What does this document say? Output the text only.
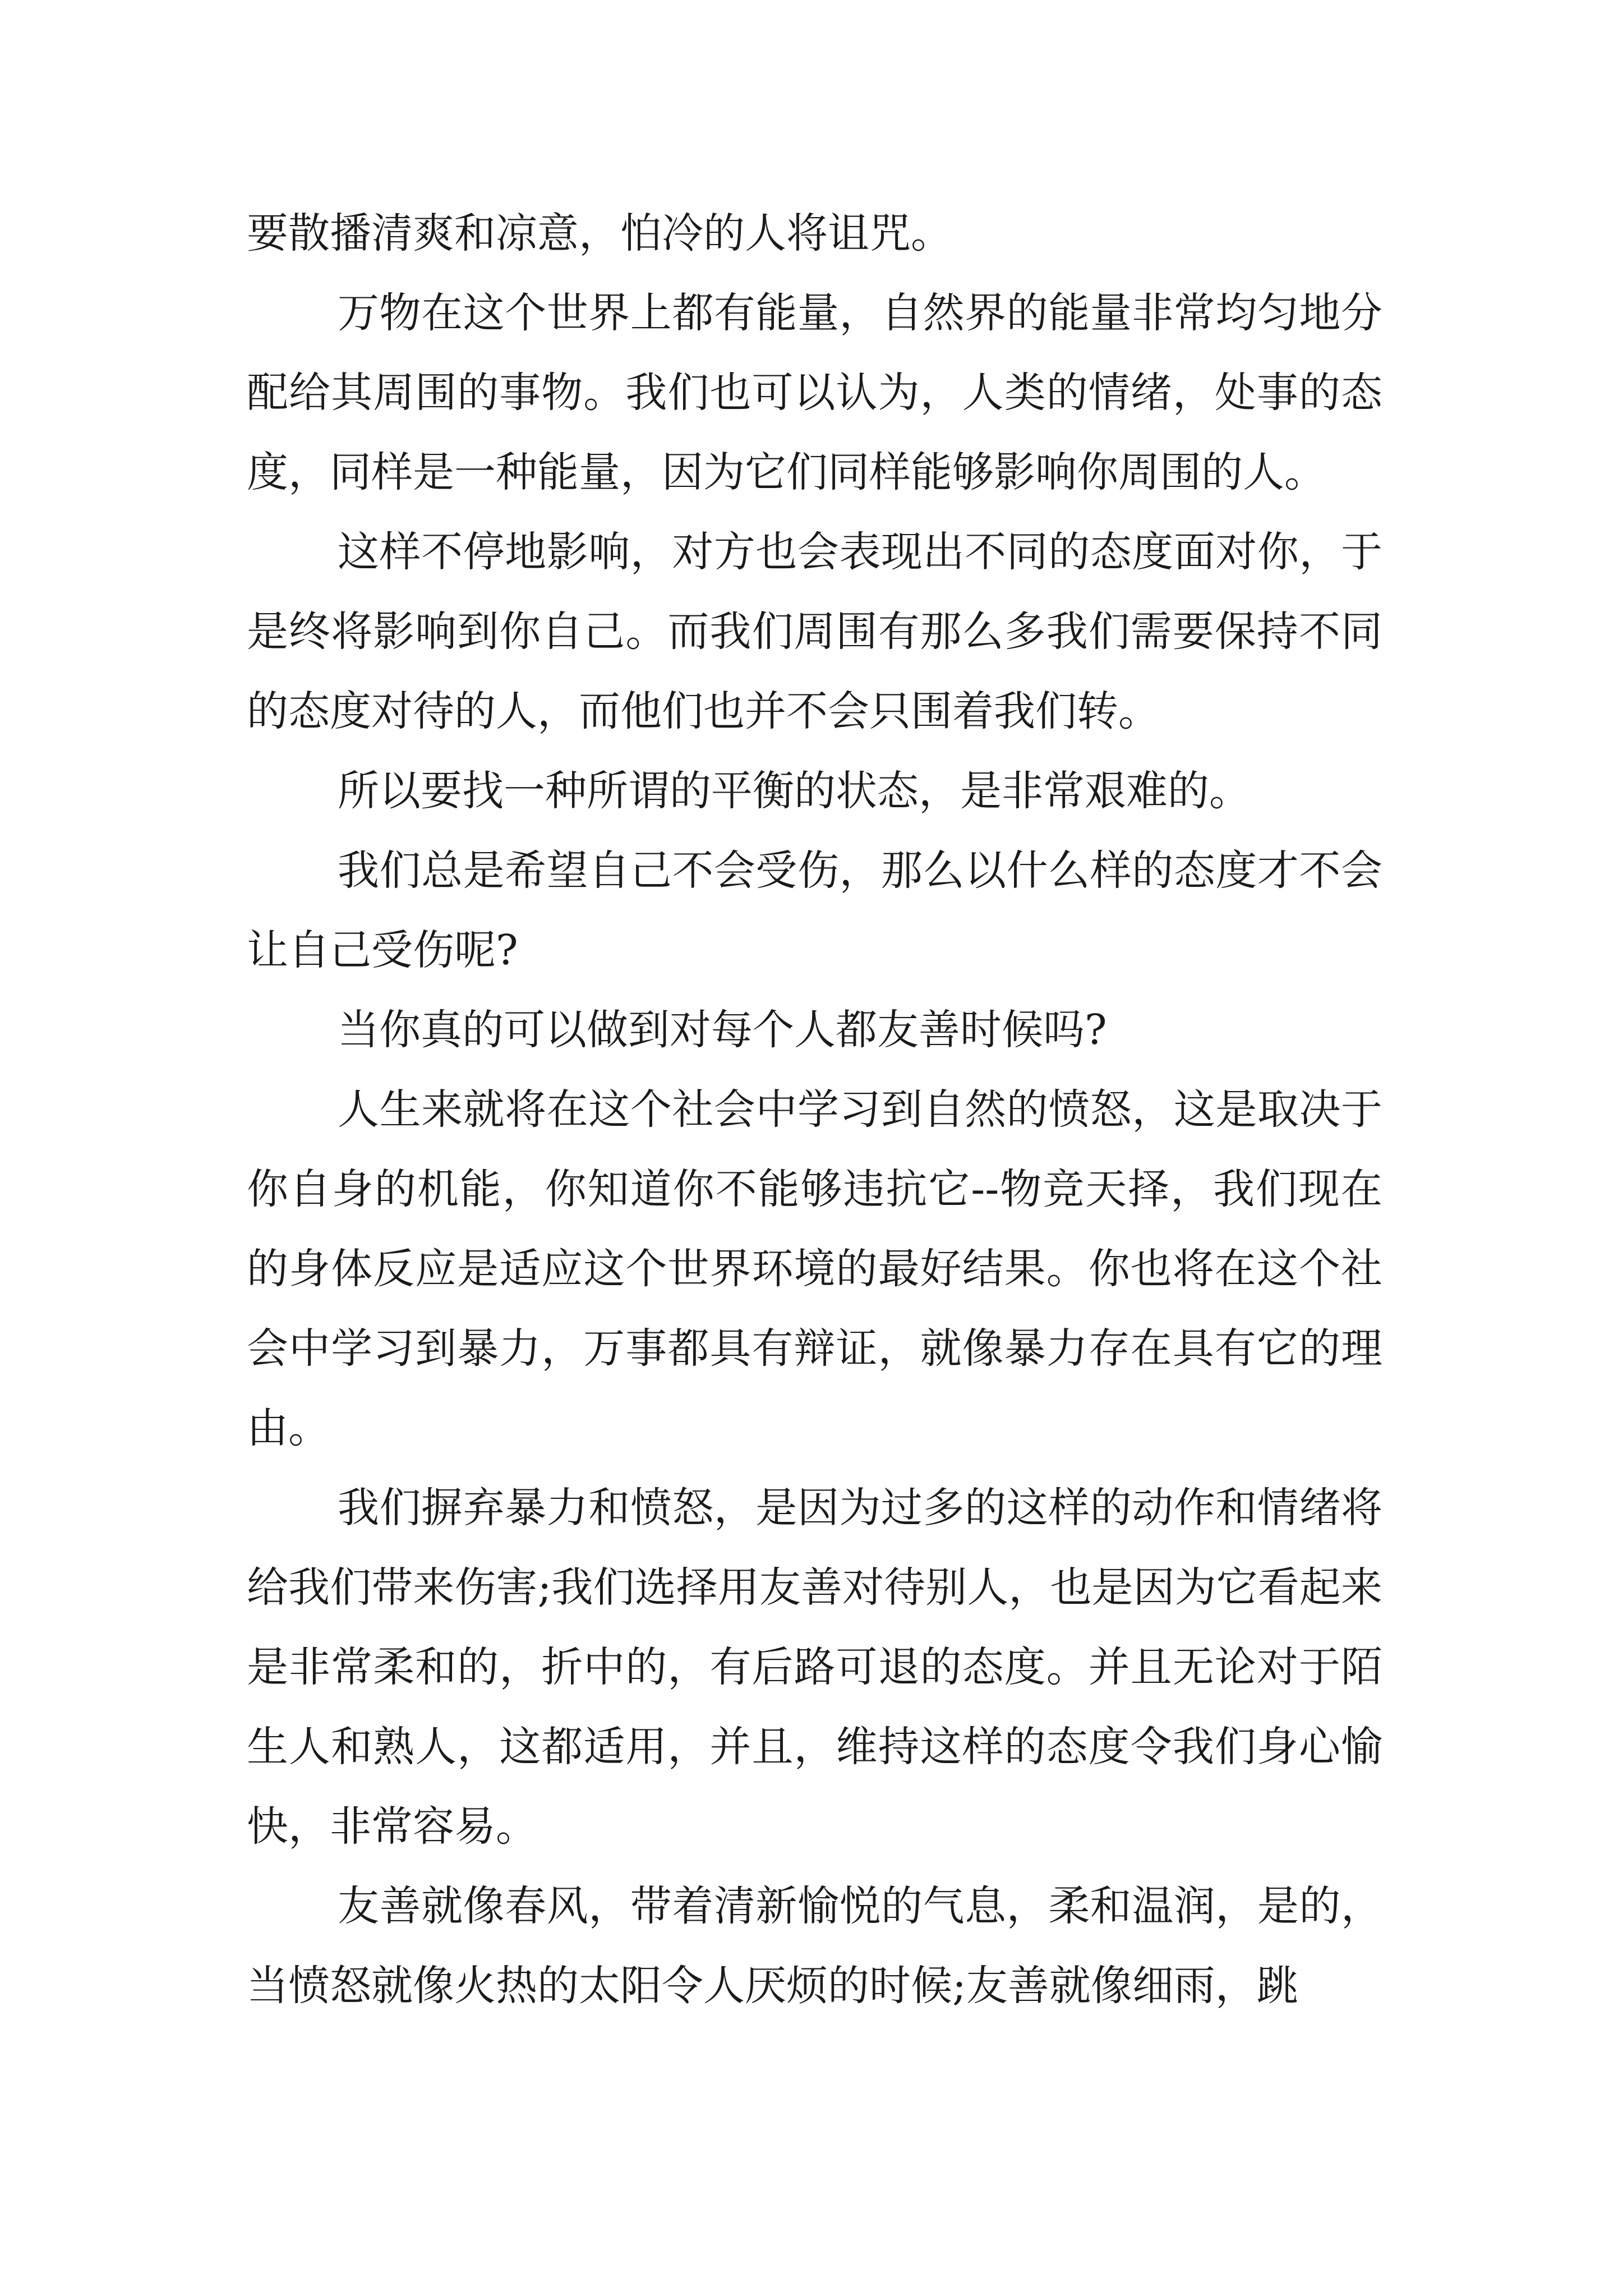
要散播清爽和凉意，怕冷的人将诅咒。

万物在这个世界上都有能量，自然界的能量非常均匀地分配给其周围的事物。我们也可以认为，人类的情绪，处事的态度，同样是一种能量，因为它们同样能够影响你周围的人。

这样不停地影响，对方也会表现出不同的态度面对你，于是终将影响到你自己。而我们周围有那么多我们需要保持不同的态度对待的人，而他们也并不会只围着我们转。

所以要找一种所谓的平衡的状态，是非常艰难的。

我们总是希望自己不会受伤，那么以什么样的态度才不会让自己受伤呢?

当你真的可以做到对每个人都友善时候吗?

人生来就将在这个社会中学习到自然的愤怒，这是取决于你自身的机能，你知道你不能够违抗它--物竞天择，我们现在的身体反应是适应这个世界环境的最好结果。你也将在这个社会中学习到暴力，万事都具有辩证，就像暴力存在具有它的理由。

我们摒弃暴力和愤怒，是因为过多的这样的动作和情绪将给我们带来伤害;我们选择用友善对待别人，也是因为它看起来是非常柔和的，折中的，有后路可退的态度。并且无论对于陌生人和熟人，这都适用，并且，维持这样的态度令我们身心愉快，非常容易。

友善就像春风，带着清新愉悦的气息，柔和温润，是的，当愤怒就像火热的太阳令人厌烦的时候;友善就像细雨，跳
